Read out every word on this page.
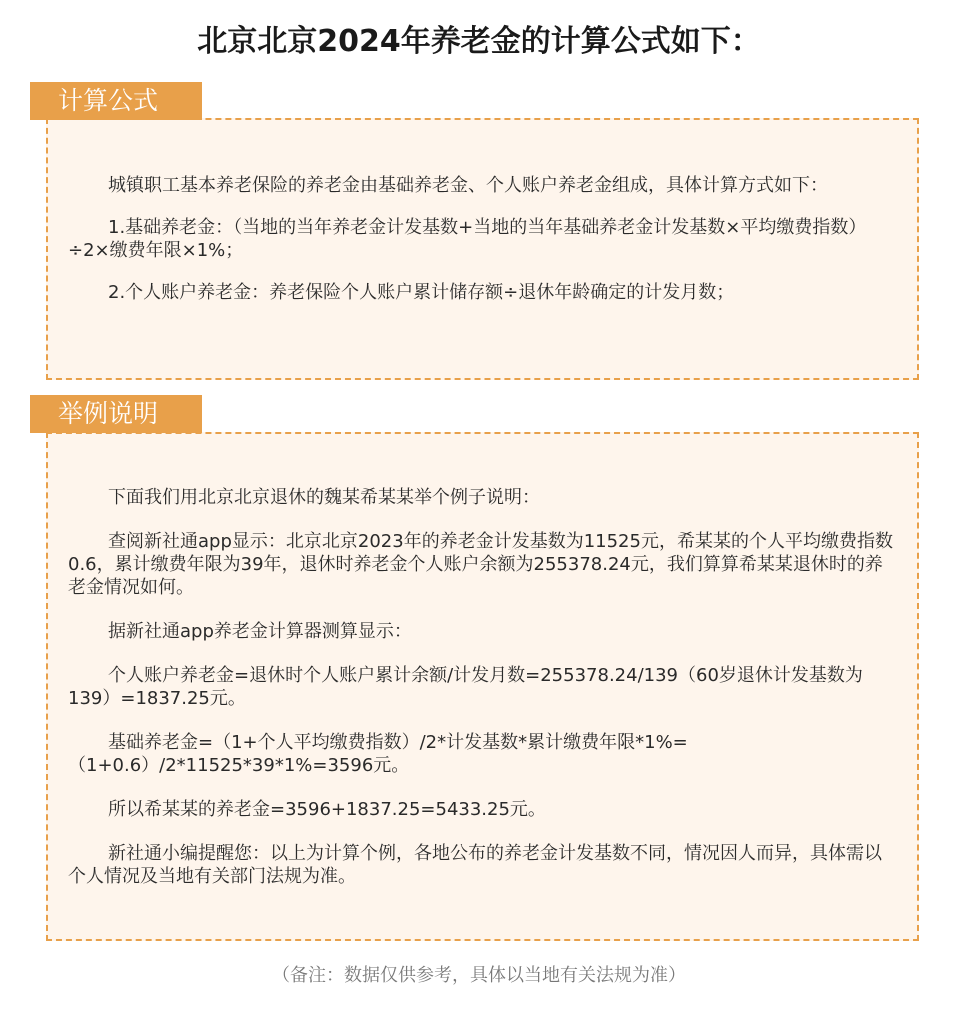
北京北京2024年养老金的计算公式如下：
计算公式

城镇职工基本养老保险的养老金由基础养老金、个人账户养老金组成，具体计算方式如下：

1.基础养老金：（当地的当年养老金计发基数+当地的当年基础养老金计发基数×平均缴费指数）÷2×缴费年限×1%；

2.个人账户养老金：养老保险个人账户累计储存额÷退休年龄确定的计发月数；

举例说明

下面我们用北京北京退休的魏某希某某举个例子说明：

查阅新社通app显示：北京北京2023年的养老金计发基数为11525元，希某某的个人平均缴费指数0.6，累计缴费年限为39年，退休时养老金个人账户余额为255378.24元，我们算算希某某退休时的养老金情况如何。

据新社通app养老金计算器测算显示：

个人账户养老金=退休时个人账户累计余额/计发月数=255378.24/139（60岁退休计发基数为139）=1837.25元。

基础养老金=（1+个人平均缴费指数）/2*计发基数*累计缴费年限*1%=（1+0.6）/2*11525*39*1%=3596元。

所以希某某的养老金=3596+1837.25=5433.25元。

新社通小编提醒您：以上为计算个例，各地公布的养老金计发基数不同，情况因人而异，具体需以个人情况及当地有关部门法规为准。

（备注：数据仅供参考，具体以当地有关法规为准）
